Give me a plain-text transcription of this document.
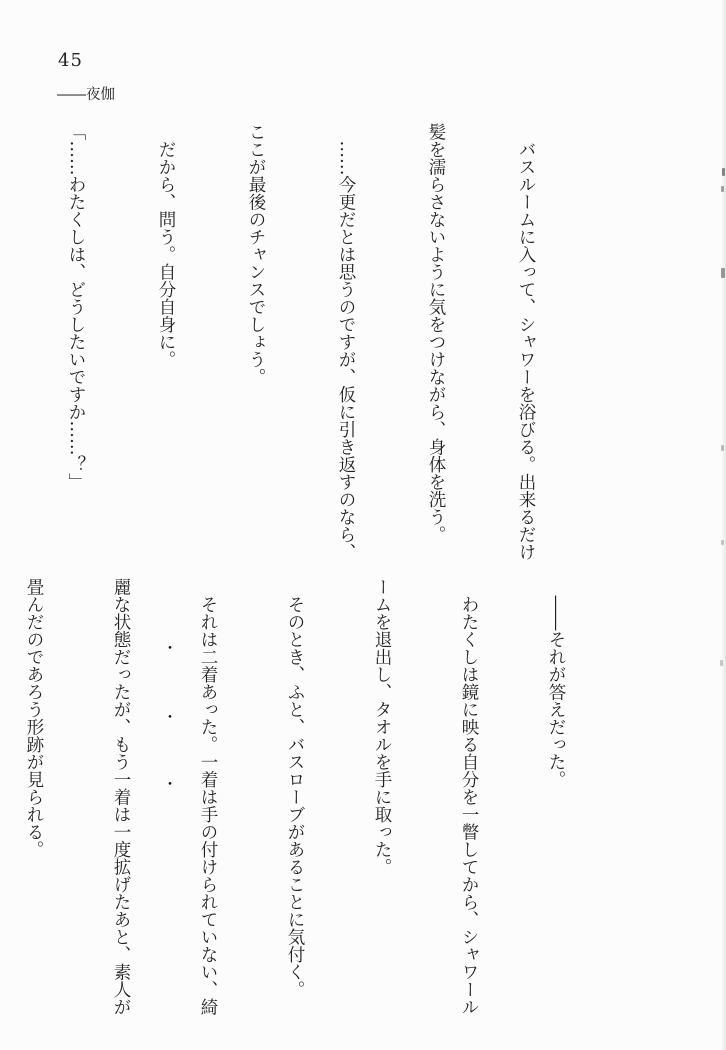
45
――夜伽

　バスルームに入って、シャワーを浴びる。出来るだけ

髪を濡らさないように気をつけながら、身体を洗う。

　……今更だとは思うのですが、仮に引き返すのなら、

ここが最後のチャンスでしょう。

　だから、問う。自分自身に。

「……わたくしは、どうしたいですか……？」

　――それが答えだった。

　わたくしは鏡に映る自分を一瞥してから、シャワール

ームを退出し、タオルを手に取った。

　そのとき、ふと、バスローブがあることに気付く。

　それは二着あった。一着は手の付けられていない、綺

麗な状態だったが、もう一着は一度拡げたあと、素人が

畳んだのであろう形跡が見られる。

	・
・
・
